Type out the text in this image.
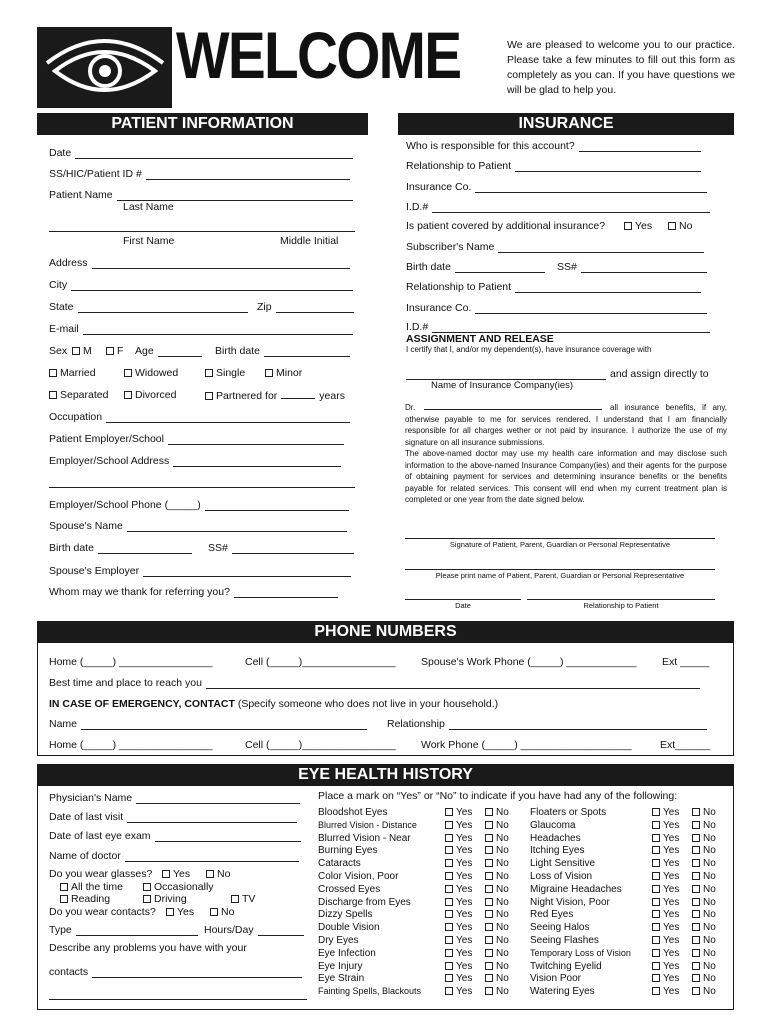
WELCOME	We are pleased to welcome you to our practice. Please take a few minutes to fill out this form as completely as you can. If you have questions we will be glad to help you.
PATIENT INFORMATION	INSURANCE
Date
SS/HIC/Patient ID #
Patient Name
Last Name
First Name	Middle Initial
Address
City
State	Zip
E-mail
Sex	M	F Age	Birth date
Married	Widowed	Single	Minor
Separated	Divorced	Partnered for	years
Occupation
Patient Employer/School
Employer/School Address
Employer/School Phone (_____)
Spouse's Name
Birth date	SS#
Spouse's Employer
Whom may we thank for referring you?
Who is responsible for this account?
Relationship to Patient
Insurance Co.
I.D.#
Is patient covered by additional insurance?	Yes	No
Subscriber's Name
Birth date	SS#
Relationship to Patient
Insurance Co.
I.D.#
ASSIGNMENT AND RELEASE
I certify that I, and/or my dependent(s), have insurance coverage with
and assign directly to
Name of Insurance Company(ies)
Dr.	all insurance benefits, if any, otherwise payable to me for services rendered. I understand that I am financially responsible for all charges wether or not paid by insurance. I authorize the use of my signature on all insurance submissions.
The above-named doctor may use my health care information and may disclose such information to the above-named Insurance Company(ies) and their agents for the purpose of obtaining payment for services and determining insurance benefits or the benefits payable for related services. This consent will end when my current treatment plan is completed or one year from the date signed below.
Signature of Patient, Parent, Guardian or Personal Representative
Please print name of Patient, Parent, Guardian or Personal Representative
Date	Relationship to Patient
PHONE NUMBERS
Home (_____) ________________	Cell (_____)________________ Spouse's Work Phone (_____) ____________ Ext _____
Best time and place to reach you
IN CASE OF EMERGENCY, CONTACT (Specify someone who does not live in your household.)
Name	Relationship
Home (_____) ________________	Cell (_____)________________ Work Phone (_____) ___________________	Ext______
EYE HEALTH HISTORY
Physician's Name
Date of last visit
Date of last eye exam
Name of doctor
Do you wear glasses?	Yes	No
All the time	Occasionally
Reading	Driving	TV
Do you wear contacts?	Yes	No
Type	Hours/Day
Describe any problems you have with your
contacts
Place a mark on “Yes” or “No” to indicate if you have had any of the following:
Bloodshot Eyes	Yes	No
Blurred Vision - Distance	Yes	No
Blurred Vision - Near	Yes	No
Burning Eyes	Yes	No
Cataracts	Yes	No
Color Vision, Poor	Yes	No
Crossed Eyes	Yes	No
Discharge from Eyes	Yes	No
Dizzy Spells	Yes	No
Double Vision	Yes	No
Dry Eyes	Yes	No
Eye Infection	Yes	No
Eye Injury	Yes	No
Eye Strain	Yes	No
Fainting Spells, Blackouts	Yes	No
Floaters or Spots	Yes	No
Glaucoma	Yes	No
Headaches	Yes	No
Itching Eyes	Yes	No
Light Sensitive	Yes	No
Loss of Vision	Yes	No
Migraine Headaches	Yes	No
Night Vision, Poor	Yes	No
Red Eyes	Yes	No
Seeing Halos	Yes	No
Seeing Flashes	Yes	No
Temporary Loss of Vision	Yes	No
Twitching Eyelid	Yes	No
Vision Poor	Yes	No
Watering Eyes	Yes	No
